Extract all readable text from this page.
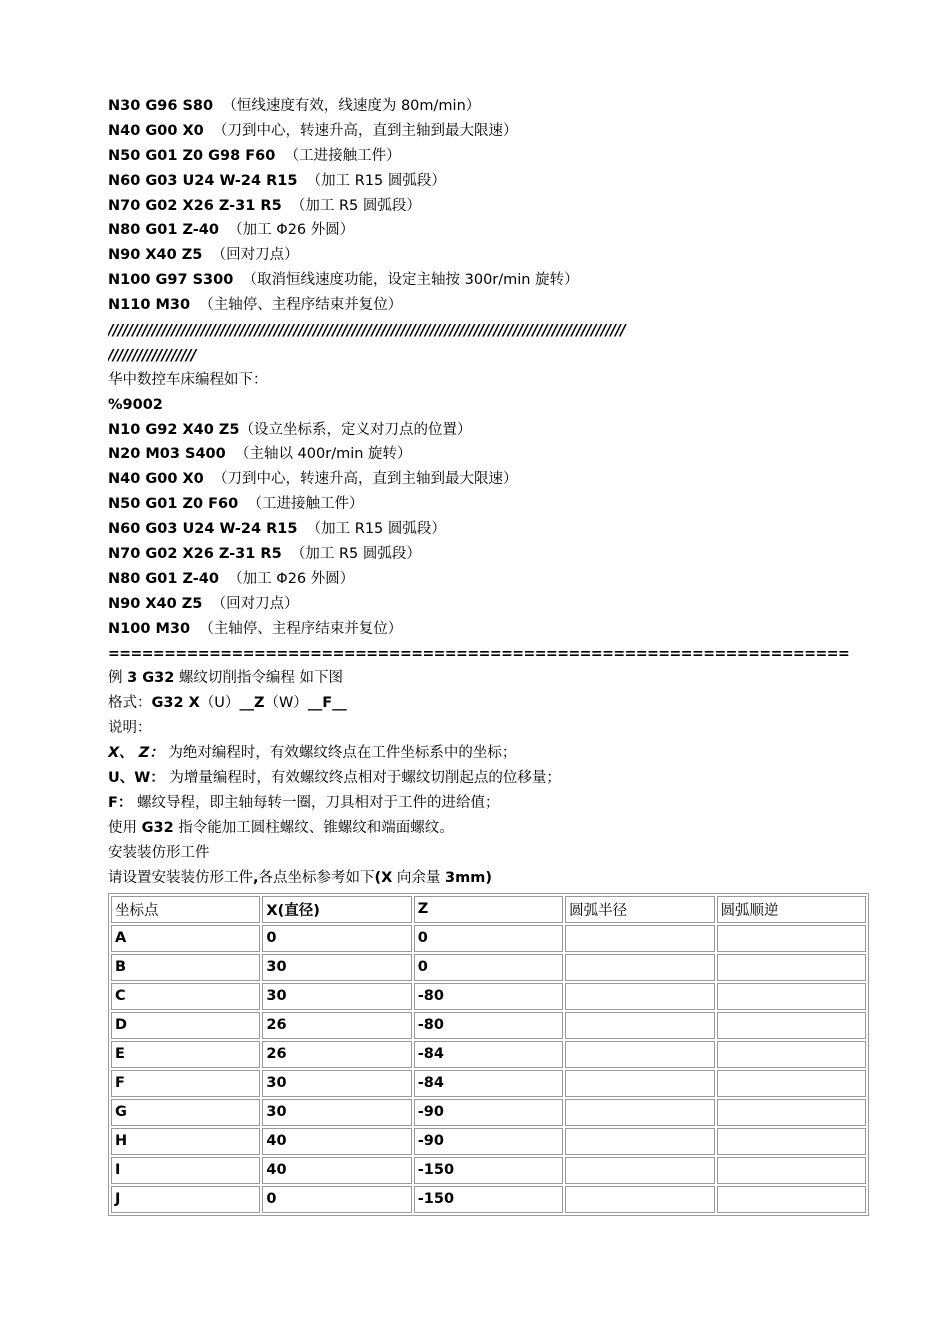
N30 G96 S80 （恒线速度有效，线速度为 80m/min）
N40 G00 X0 （刀到中心，转速升高，直到主轴到最大限速）
N50 G01 Z0 G98 F60 （工进接触工件）
N60 G03 U24 W-24 R15 （加工 R15 圆弧段）
N70 G02 X26 Z-31 R5 （加工 R5 圆弧段）
N80 G01 Z-40 （加工 Φ26 外圆）
N90 X40 Z5 （回对刀点）
N100 G97 S300 （取消恒线速度功能，设定主轴按 300r/min 旋转）
N110 M30 （主轴停、主程序结束并复位）
//////////////////////////////////////////////////////////////////////////////////////////////////////////
//////////////////
华中数控车床编程如下：
%9002
N10 G92 X40 Z5（设立坐标系，定义对刀点的位置）
N20 M03 S400 （主轴以 400r/min 旋转）
N40 G00 X0 （刀到中心，转速升高，直到主轴到最大限速）
N50 G01 Z0 F60 （工进接触工件）
N60 G03 U24 W-24 R15 （加工 R15 圆弧段）
N70 G02 X26 Z-31 R5 （加工 R5 圆弧段）
N80 G01 Z-40 （加工 Φ26 外圆）
N90 X40 Z5 （回对刀点）
N100 M30 （主轴停、主程序结束并复位）
==================================================================
例 3 G32 螺纹切削指令编程 如下图
格式：G32 X（U）__Z（W）__F__
说明：
X、 Z： 为绝对编程时，有效螺纹终点在工件坐标系中的坐标；
U、W： 为增量编程时，有效螺纹终点相对于螺纹切削起点的位移量；
F： 螺纹导程，即主轴每转一圈，刀具相对于工件的进给值；
使用 G32 指令能加工圆柱螺纹、锥螺纹和端面螺纹。
安装装仿形工件
请设置安装装仿形工件,各点坐标参考如下(X 向余量 3mm)
坐标点	X(直径)	Z	圆弧半径	圆弧顺逆
A	0	0		
B	30	0		
C	30	-80		
D	26	-80		
E	26	-84		
F	30	-84		
G	30	-90		
H	40	-90		
I	40	-150		
J	0	-150		
